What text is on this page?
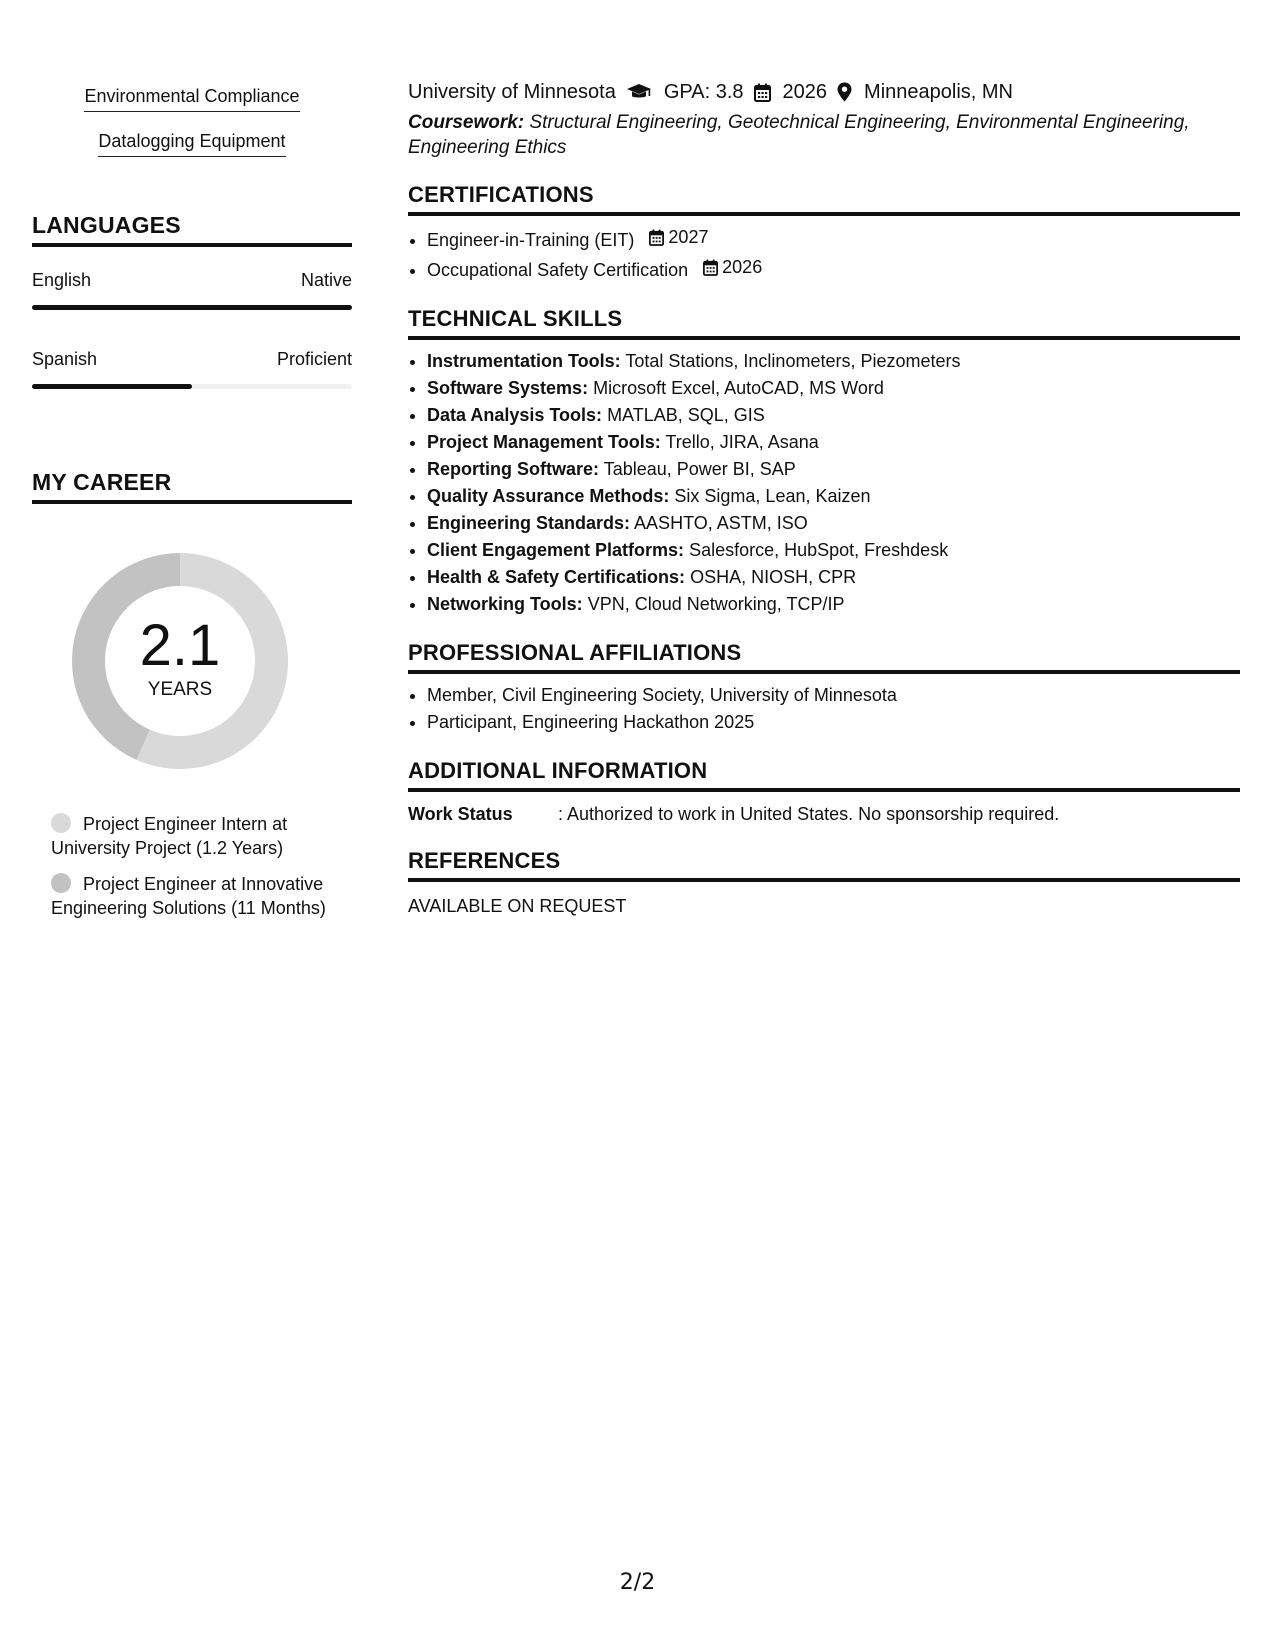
Environmental Compliance
Datalogging Equipment
LANGUAGES
English	Native
Spanish	Proficient
MY CAREER
2.1
YEARS
Project Engineer Intern at University Project (1.2 Years)
Project Engineer at Innovative Engineering Solutions (11 Months)
University of Minnesota GPA: 3.8 2026 Minneapolis, MN
Coursework: Structural Engineering, Geotechnical Engineering, Environmental Engineering, Engineering Ethics
CERTIFICATIONS
• Engineer-in-Training (EIT) 2027
• Occupational Safety Certification 2026
TECHNICAL SKILLS
• Instrumentation Tools: Total Stations, Inclinometers, Piezometers
• Software Systems: Microsoft Excel, AutoCAD, MS Word
• Data Analysis Tools: MATLAB, SQL, GIS
• Project Management Tools: Trello, JIRA, Asana
• Reporting Software: Tableau, Power BI, SAP
• Quality Assurance Methods: Six Sigma, Lean, Kaizen
• Engineering Standards: AASHTO, ASTM, ISO
• Client Engagement Platforms: Salesforce, HubSpot, Freshdesk
• Health & Safety Certifications: OSHA, NIOSH, CPR
• Networking Tools: VPN, Cloud Networking, TCP/IP
PROFESSIONAL AFFILIATIONS
• Member, Civil Engineering Society, University of Minnesota
• Participant, Engineering Hackathon 2025
ADDITIONAL INFORMATION
Work Status	: Authorized to work in United States. No sponsorship required.
REFERENCES
AVAILABLE ON REQUEST
2/2
